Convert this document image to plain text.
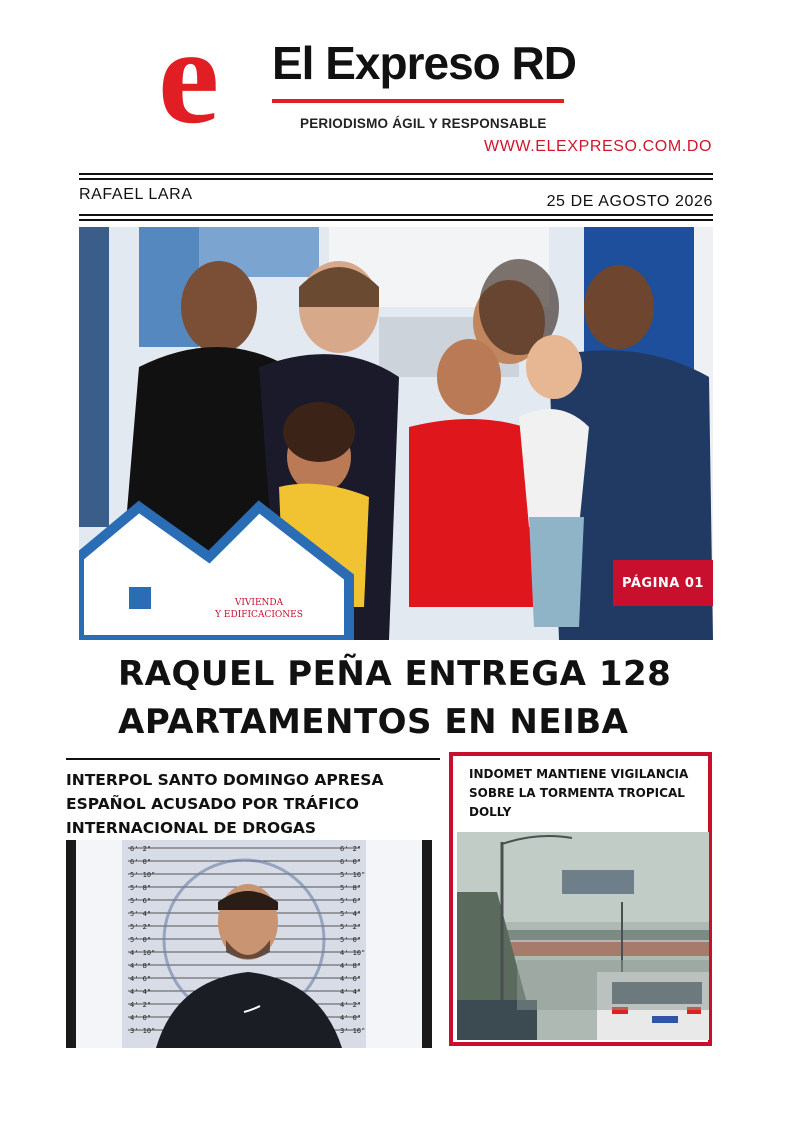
e	El Expreso RD
PERIODISMO ÁGIL Y RESPONSABLE
WWW.ELEXPRESO.COM.DO
RAFAEL LARA	25 DE AGOSTO 2026
VIVIENDA
Y EDIFICACIONES
PÁGINA 01
RAQUEL PEÑA ENTREGA 128 APARTAMENTOS EN NEIBA
INTERPOL SANTO DOMINGO APRESA ESPAÑOL ACUSADO POR TRÁFICO INTERNACIONAL DE DROGAS
6' 2"
6' 0"
5' 10"
5' 8"
5' 6"
5' 4"
5' 2"
5' 0"
4' 10"
4' 8"
4' 6"
4' 4"
4' 2"
4' 0"
3' 10"
6' 2"
6' 0"
5' 10"
5' 8"
5' 6"
5' 4"
5' 2"
5' 0"
4' 10"
4' 8"
4' 6"
4' 4"
4' 2"
4' 0"
3' 10"
INDOMET MANTIENE VIGILANCIA SOBRE LA TORMENTA TROPICAL DOLLY
